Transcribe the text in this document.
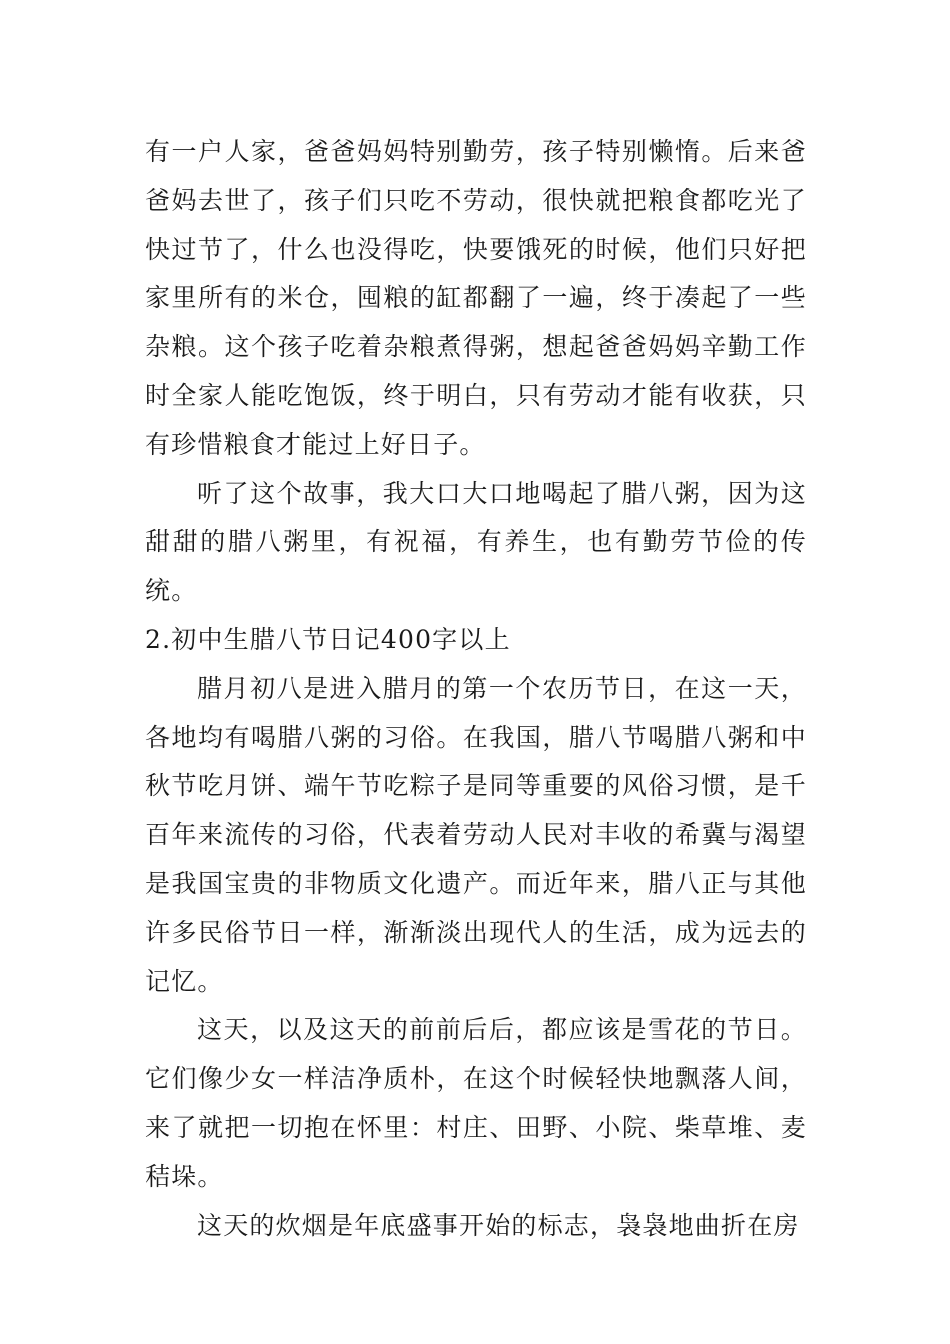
有一户人家，爸爸妈妈特别勤劳，孩子特别懒惰。后来爸爸妈去世了，孩子们只吃不劳动，很快就把粮食都吃光了快过节了，什么也没得吃，快要饿死的时候，他们只好把家里所有的米仓，囤粮的缸都翻了一遍，终于凑起了一些杂粮。这个孩子吃着杂粮煮得粥，想起爸爸妈妈辛勤工作时全家人能吃饱饭，终于明白，只有劳动才能有收获，只有珍惜粮食才能过上好日子。

听了这个故事，我大口大口地喝起了腊八粥，因为这甜甜的腊八粥里，有祝福，有养生，也有勤劳节俭的传统。

2.初中生腊八节日记400字以上

腊月初八是进入腊月的第一个农历节日，在这一天，各地均有喝腊八粥的习俗。在我国，腊八节喝腊八粥和中秋节吃月饼、端午节吃粽子是同等重要的风俗习惯，是千百年来流传的习俗，代表着劳动人民对丰收的希冀与渴望是我国宝贵的非物质文化遗产。而近年来，腊八正与其他许多民俗节日一样，渐渐淡出现代人的生活，成为远去的记忆。

这天，以及这天的前前后后，都应该是雪花的节日。它们像少女一样洁净质朴，在这个时候轻快地飘落人间，来了就把一切抱在怀里：村庄、田野、小院、柴草堆、麦秸垛。

这天的炊烟是年底盛事开始的标志，袅袅地曲折在房
